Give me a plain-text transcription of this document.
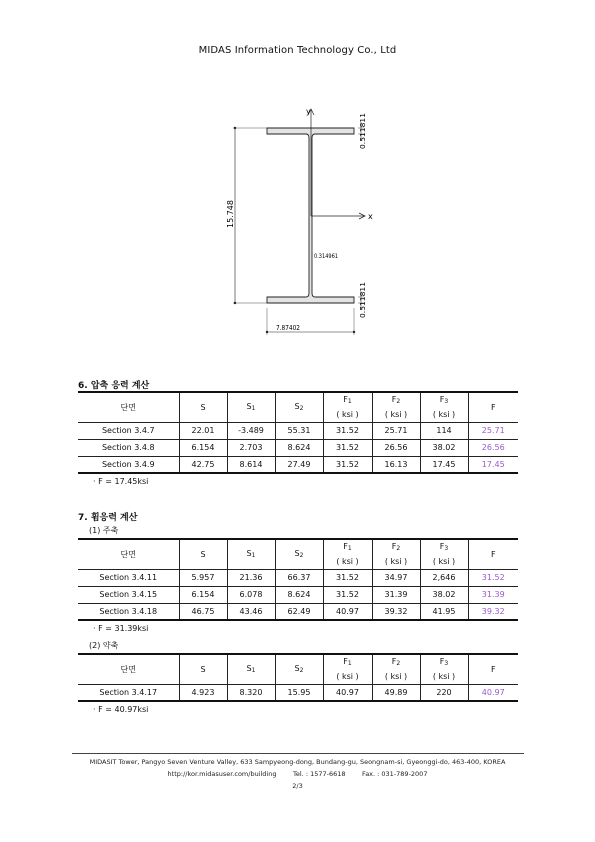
MIDAS Information Technology Co., Ltd
y
x
15.748
0.314961
7.87402
0.511811
0.511811
6. 압축 응력 계산
단면	S	$S_1$	$S_2$	$F_1$	$F_2$	$F_3$	F
				( ksi )	( ksi )	( ksi )	
Section 3.4.7	22.01	-3.489	55.31	31.52	25.71	114	25.71
Section 3.4.8	6.154	2.703	8.624	31.52	26.56	38.02	26.56
Section 3.4.9	42.75	8.614	27.49	31.52	16.13	17.45	17.45
· F = 17.45ksi
7. 휨응력 계산
(1) 주축
단면	S	$S_1$	$S_2$	$F_1$	$F_2$	$F_3$	F
				( ksi )	( ksi )	( ksi )	
Section 3.4.11	5.957	21.36	66.37	31.52	34.97	2,646	31.52
Section 3.4.15	6.154	6.078	8.624	31.52	31.39	38.02	31.39
Section 3.4.18	46.75	43.46	62.49	40.97	39.32	41.95	39.32
· F = 31.39ksi
(2) 약축
단면	S	$S_1$	$S_2$	$F_1$	$F_2$	$F_3$	F
				( ksi )	( ksi )	( ksi )	
Section 3.4.17	4.923	8.320	15.95	40.97	49.89	220	40.97
· F = 40.97ksi
MIDASIT Tower, Pangyo Seven Venture Valley, 633 Sampyeong-dong, Bundang-gu, Seongnam-si, Gyeonggi-do, 463-400, KOREA
http://kor.midasuser.com/building	Tel. : 1577-6618	Fax. : 031-789-2007
2/3
